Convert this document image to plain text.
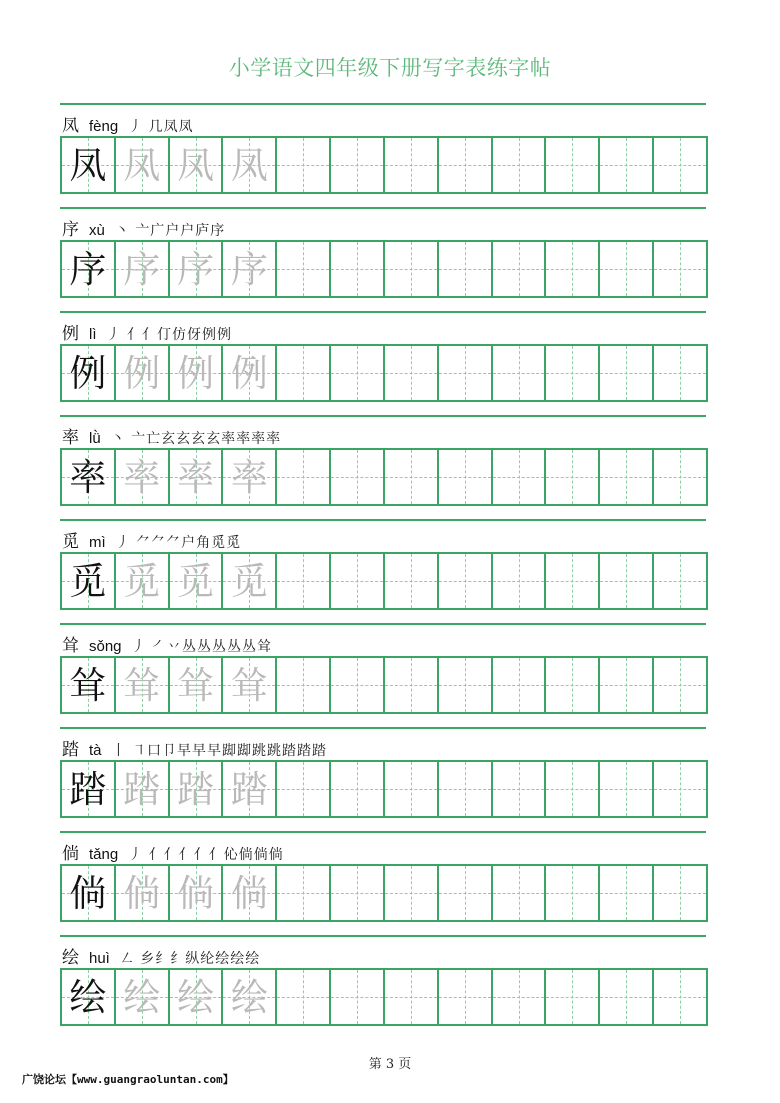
小学语文四年级下册写字表练字帖
凤 fèng 丿 几凤凤
凤 凤 凤 凤
序 xù 丶 亠广户户庐序
序 序 序 序
例 lì 丿 亻亻仃仿伢例例
例 例 例 例
率 lǜ 丶 亠亡玄玄玄玄率率率率
率 率 率 率
觅 mì 丿 ⺈⺈⺈户角觅觅
觅 觅 觅 觅
耸 sǒng 丿 ㇒丷丛丛丛丛丛耸
耸 耸 耸 耸
踏 tà 丨 ㇕口卩早早早踋踋跳跳踏踏踏
踏 踏 踏 踏
倘 tǎng 丿 亻亻亻亻亻伈倘倘倘
倘 倘 倘 倘
绘 huì ㇜ 乡纟纟纵纶绘绘绘
绘 绘 绘 绘
第 3 页
广饶论坛【www.guangraoluntan.com】
